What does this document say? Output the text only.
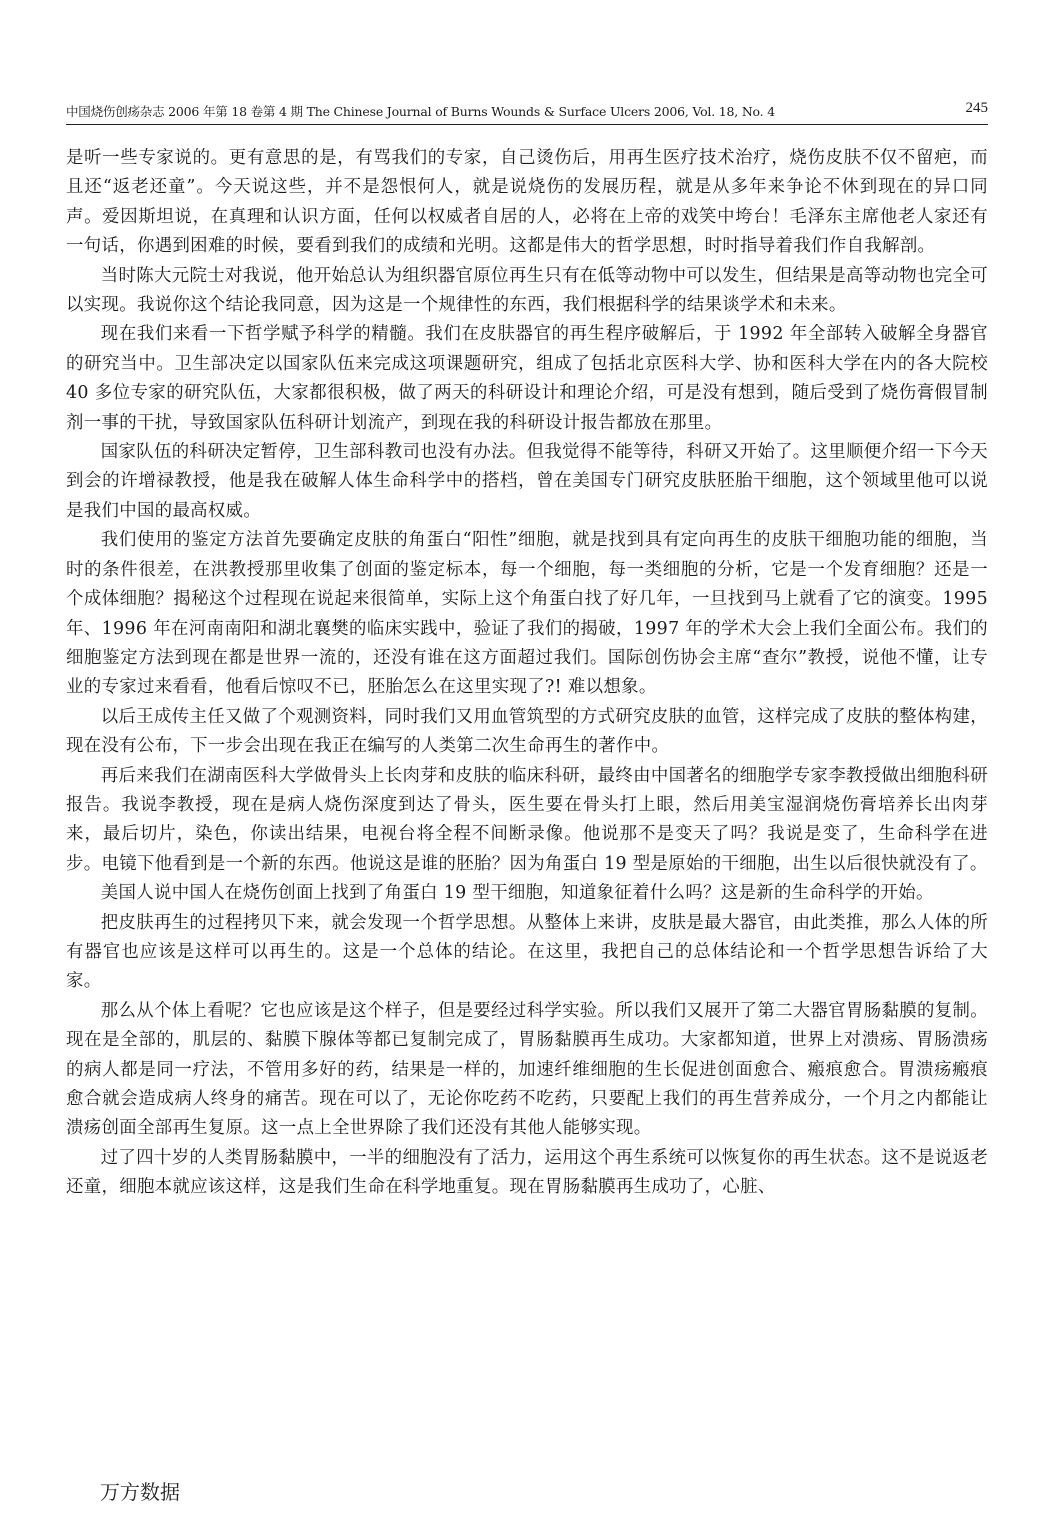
中国烧伤创疡杂志 2006 年第 18 卷第 4 期 The Chinese Journal of Burns Wounds & Surface Ulcers 2006, Vol. 18, No. 4	245

是听一些专家说的。更有意思的是，有骂我们的专家，自己烫伤后，用再生医疗技术治疗，烧伤皮肤不仅不留疤，而且还“返老还童”。今天说这些，并不是怨恨何人，就是说烧伤的发展历程，就是从多年来争论不休到现在的异口同声。爱因斯坦说，在真理和认识方面，任何以权威者自居的人，必将在上帝的戏笑中垮台！毛泽东主席他老人家还有一句话，你遇到困难的时候，要看到我们的成绩和光明。这都是伟大的哲学思想，时时指导着我们作自我解剖。

当时陈大元院士对我说，他开始总认为组织器官原位再生只有在低等动物中可以发生，但结果是高等动物也完全可以实现。我说你这个结论我同意，因为这是一个规律性的东西，我们根据科学的结果谈学术和未来。

现在我们来看一下哲学赋予科学的精髓。我们在皮肤器官的再生程序破解后，于 1992 年全部转入破解全身器官的研究当中。卫生部决定以国家队伍来完成这项课题研究，组成了包括北京医科大学、协和医科大学在内的各大院校 40 多位专家的研究队伍，大家都很积极，做了两天的科研设计和理论介绍，可是没有想到，随后受到了烧伤膏假冒制剂一事的干扰，导致国家队伍科研计划流产，到现在我的科研设计报告都放在那里。

国家队伍的科研决定暂停，卫生部科教司也没有办法。但我觉得不能等待，科研又开始了。这里顺便介绍一下今天到会的许增禄教授，他是我在破解人体生命科学中的搭档，曾在美国专门研究皮肤胚胎干细胞，这个领域里他可以说是我们中国的最高权威。

我们使用的鉴定方法首先要确定皮肤的角蛋白“阳性”细胞，就是找到具有定向再生的皮肤干细胞功能的细胞，当时的条件很差，在洪教授那里收集了创面的鉴定标本，每一个细胞，每一类细胞的分析，它是一个发育细胞？还是一个成体细胞？揭秘这个过程现在说起来很简单，实际上这个角蛋白找了好几年，一旦找到马上就看了它的演变。1995 年、1996 年在河南南阳和湖北襄樊的临床实践中，验证了我们的揭破，1997 年的学术大会上我们全面公布。我们的细胞鉴定方法到现在都是世界一流的，还没有谁在这方面超过我们。国际创伤协会主席“查尔”教授，说他不懂，让专业的专家过来看看，他看后惊叹不已，胚胎怎么在这里实现了?! 难以想象。

以后王成传主任又做了个观测资料，同时我们又用血管筑型的方式研究皮肤的血管，这样完成了皮肤的整体构建，现在没有公布，下一步会出现在我正在编写的人类第二次生命再生的著作中。

再后来我们在湖南医科大学做骨头上长肉芽和皮肤的临床科研，最终由中国著名的细胞学专家李教授做出细胞科研报告。我说李教授，现在是病人烧伤深度到达了骨头，医生要在骨头打上眼，然后用美宝湿润烧伤膏培养长出肉芽来，最后切片，染色，你读出结果，电视台将全程不间断录像。他说那不是变天了吗？我说是变了，生命科学在进步。电镜下他看到是一个新的东西。他说这是谁的胚胎？因为角蛋白 19 型是原始的干细胞，出生以后很快就没有了。

美国人说中国人在烧伤创面上找到了角蛋白 19 型干细胞，知道象征着什么吗？这是新的生命科学的开始。

把皮肤再生的过程拷贝下来，就会发现一个哲学思想。从整体上来讲，皮肤是最大器官，由此类推，那么人体的所有器官也应该是这样可以再生的。这是一个总体的结论。在这里，我把自己的总体结论和一个哲学思想告诉给了大家。

那么从个体上看呢？它也应该是这个样子，但是要经过科学实验。所以我们又展开了第二大器官胃肠黏膜的复制。现在是全部的，肌层的、黏膜下腺体等都已复制完成了，胃肠黏膜再生成功。大家都知道，世界上对溃疡、胃肠溃疡的病人都是同一疗法，不管用多好的药，结果是一样的，加速纤维细胞的生长促进创面愈合、瘢痕愈合。胃溃疡瘢痕愈合就会造成病人终身的痛苦。现在可以了，无论你吃药不吃药，只要配上我们的再生营养成分，一个月之内都能让溃疡创面全部再生复原。这一点上全世界除了我们还没有其他人能够实现。

过了四十岁的人类胃肠黏膜中，一半的细胞没有了活力，运用这个再生系统可以恢复你的再生状态。这不是说返老还童，细胞本就应该这样，这是我们生命在科学地重复。现在胃肠黏膜再生成功了，心脏、

万方数据
